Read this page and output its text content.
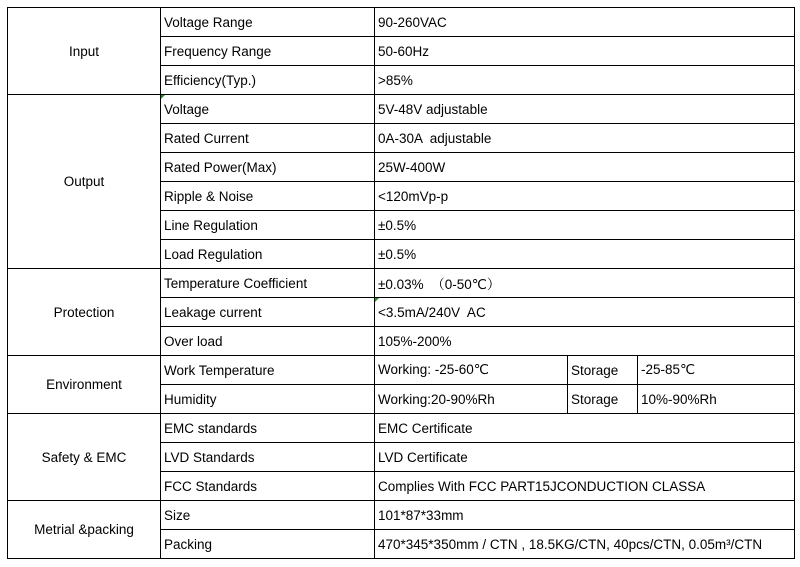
Input	Voltage Range	90-260VAC		
	Frequency Range	50-60Hz		
	Efficiency(Typ.)	>85%		
Output	Voltage	5V-48V adjustable		
	Rated Current	0A-30A  adjustable		
	Rated Power(Max)	25W-400W		
	Ripple & Noise	<120mVp-p		
	Line Regulation	±0.5%		
	Load Regulation	±0.5%		
Protection	Temperature Coefficient	±0.03%  （0-50℃）		
	Leakage current	<3.5mA/240V  AC		
	Over load	105%-200%		
Environment	Work Temperature	Working: -25-60℃	Storage	-25-85℃
	Humidity	Working:20-90%Rh	Storage	10%-90%Rh
Safety & EMC	EMC standards	EMC Certificate		
	LVD Standards	LVD Certificate		
	FCC Standards	Complies With FCC PART15JCONDUCTION CLASSA		
Metrial &packing	Size	101*87*33mm		
	Packing	470*345*350mm / CTN , 18.5KG/CTN, 40pcs/CTN, 0.05m³/CTN		
